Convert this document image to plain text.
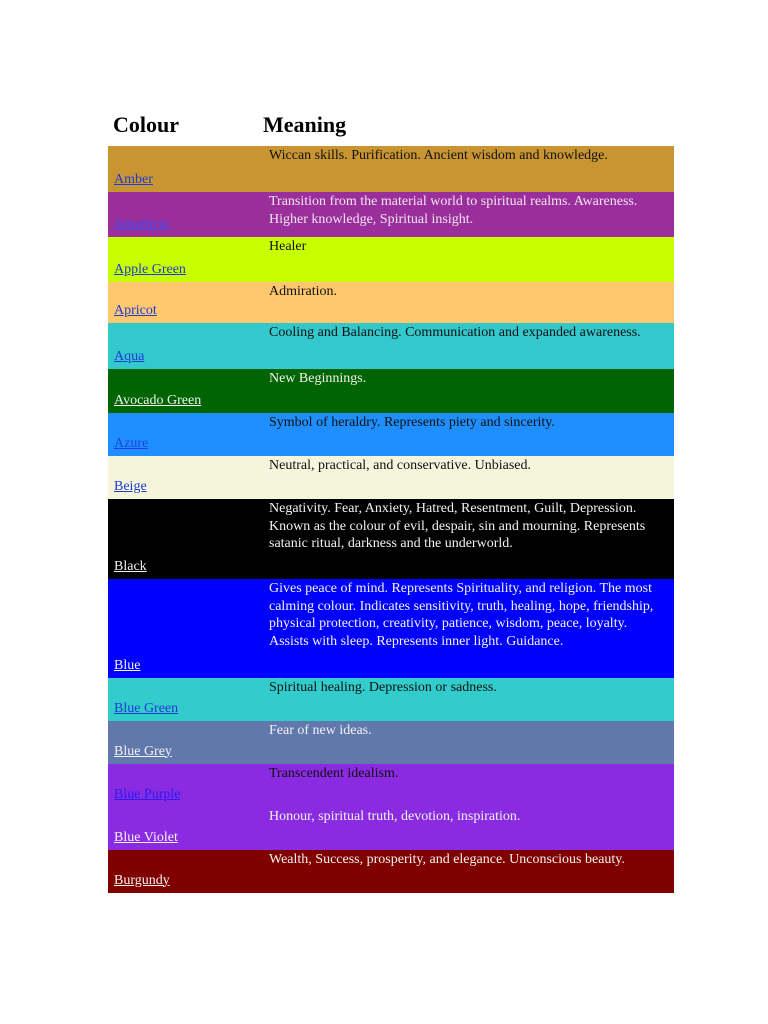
Colour	Meaning
Amber	Wiccan skills. Purification. Ancient wisdom and knowledge.
Amethyst	Transition from the material world to spiritual realms. Awareness. Higher knowledge, Spiritual insight.
Apple Green	Healer
Apricot	Admiration.
Aqua	Cooling and Balancing. Communication and expanded awareness.
Avocado Green	New Beginnings.
Azure	Symbol of heraldry. Represents piety and sincerity.
Beige	Neutral, practical, and conservative. Unbiased.
Black	Negativity. Fear, Anxiety, Hatred, Resentment, Guilt, Depression. Known as the colour of evil, despair, sin and mourning. Represents satanic ritual, darkness and the underworld.
Blue	Gives peace of mind. Represents Spirituality, and religion. The most calming colour. Indicates sensitivity, truth, healing, hope, friendship, physical protection, creativity, patience, wisdom, peace, loyalty. Assists with sleep. Represents inner light. Guidance.
Blue Green	Spiritual healing. Depression or sadness.
Blue Grey	Fear of new ideas.
Blue Purple	Transcendent idealism.
Blue Violet	Honour, spiritual truth, devotion, inspiration.
Burgundy	Wealth, Success, prosperity, and elegance. Unconscious beauty.
